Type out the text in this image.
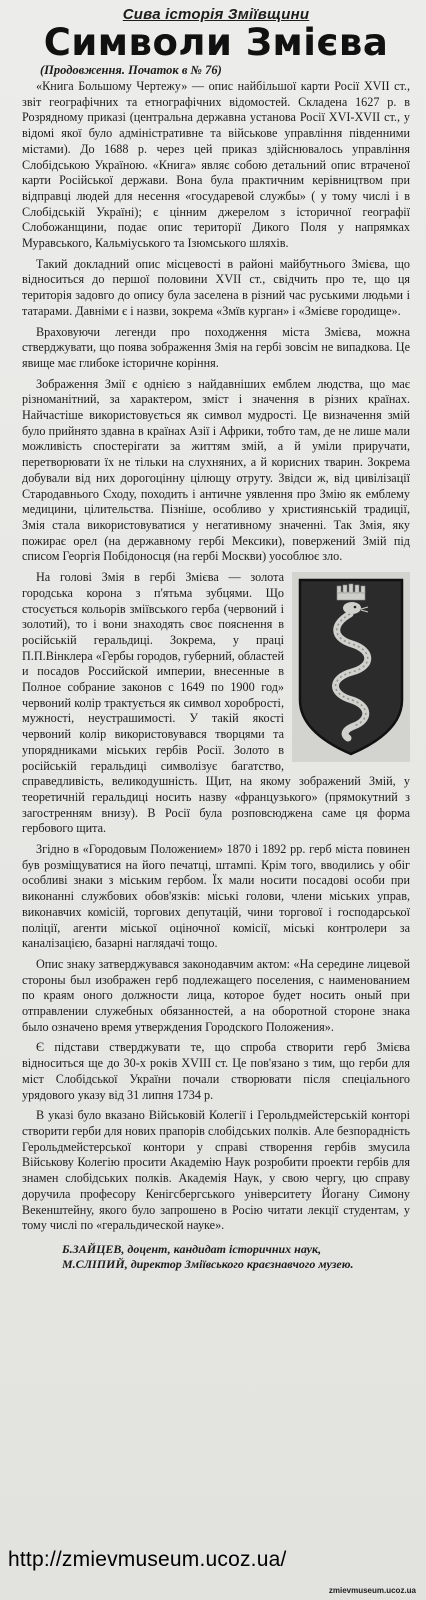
Сива історія Зміївщини

Символи Змієва

(Продовження. Початок в № 76)

«Книга Большому Чертежу» — опис найбільшої карти Росії XVII ст., звіт географічних та етнографічних відомостей. Складена 1627 р. в Розрядному приказі (центральна державна установа Росії XVI-XVII ст., у відомі якої було адміністративне та військове управління південними містами). До 1688 р. через цей приказ здійснювалось управління Слобідською Україною. «Книга» являє собою детальний опис втраченої карти Російської держави. Вона була практичним керівництвом при відправці людей для несення «государевой службы» ( у тому числі і в Слобідській Україні); є цінним джерелом з історичної географії Слобожанщини, подає опис території Дикого Поля у напрямках Муравського, Кальміуського та Ізюмського шляхів.

Такий докладний опис місцевості в районі майбутнього Змієва, що відноситься до першої половини XVII ст., свідчить про те, що ця територія задовго до опису була заселена в різний час руськими людьми і татарами. Давніми є і назви, зокрема «Змїв курган» і «Змієве городище».

Враховуючи легенди про походження міста Змієва, можна стверджувати, що поява зображення Змія на гербі зовсім не випадкова. Це явище має глибоке історичне коріння.

Зображення Змії є однією з найдавніших емблем людства, що має різноманітний, за характером, зміст і значення в різних країнах. Найчастіше використовується як символ мудрості. Це визначення змій було прийнято здавна в країнах Азії і Африки, тобто там, де не лише мали можливість спостерігати за життям змій, а й уміли приручати, перетворювати їх не тільки на слухняних, а й корисних тварин. Зокрема добували від них дорогоцінну цілющу отруту. Звідси ж, від цивілізації Стародавнього Сходу, походить і античне уявлення про Змію як емблему медицини, цілительства. Пізніше, особливо у християнській традиції, Змія стала використовуватися у негативному значенні. Так Змія, яку пожирає орел (на державному гербі Мексики), повержений Змій під списом Георгія Побідоносця (на гербі Москви) уособлює зло.

На голові Змія в гербі Змієва — золота городська корона з п'ятьма зубцями. Що стосується кольорів зміївського герба (червоний і золотий), то і вони знаходять своє пояснення в російській геральдиці. Зокрема, у праці П.П.Вінклера «Гербы городов, губерний, областей и посадов Российской империи, внесенные в Полное собрание законов с 1649 по 1900 год» червоний колір трактується як символ хоробрості, мужності, неустрашимості. У такій якості червоний колір використовувався творцями та упорядниками міських гербів Росії. Золото в російській геральдиці символізує багатство, справедливість, великодушність. Щит, на якому зображений Змій, у теоретичній геральдиці носить назву «французького» (прямокутний з загостренням внизу). В Росії була розповсюджена саме ця форма гербового щита.

Згідно в «Городовым Положением» 1870 і 1892 рр. герб міста повинен був розміщуватися на його печатці, штампі. Крім того, вводились у обіг особливі знаки з міським гербом. Їх мали носити посадові особи при виконанні службових обов'язків: міські голови, члени міських управ, виконавчих комісій, торгових депутацій, чини торгової і господарської поліції, агенти міської оціночної комісії, міські контролери за каналізацією, базарні наглядачі тощо.

Опис знаку затверджувався законодавчим актом: «На середине лицевой стороны был изображен герб подлежащего поселения, с наименованием по краям оного должности лица, которое будет носить оный при отправлении служебных обязанностей, а на оборотной стороне знака было означено время утверждения Городского Положения».

Є підстави стверджувати те, що спроба створити герб Змієва відноситься ще до 30-х років XVIII ст. Це пов'язано з тим, що герби для міст Слобідської України почали створювати після спеціального урядового указу від 31 липня 1734 р.

В указі було вказано Військовій Колегії і Герольдмейстерській конторі створити герби для нових прапорів слобідських полків. Але безпорадність Герольдмейстерської контори у справі створення гербів змусила Військову Колегію просити Академію Наук розробити проекти гербів для знамен слобідських полків. Академія Наук, у свою чергу, цю справу доручила професору Кенігсбергського університету Йогану Симону Векенштейну, якого було запрошено в Росію читати лекції студентам, у тому числі по «геральдической науке».

Б.ЗАЙЦЕВ, доцент, кандидат історичних наук,
М.СЛІПИЙ, директор Зміївського краєзнавчого музею.
http://zmievmuseum.ucoz.ua/
zmievmuseum.ucoz.ua
